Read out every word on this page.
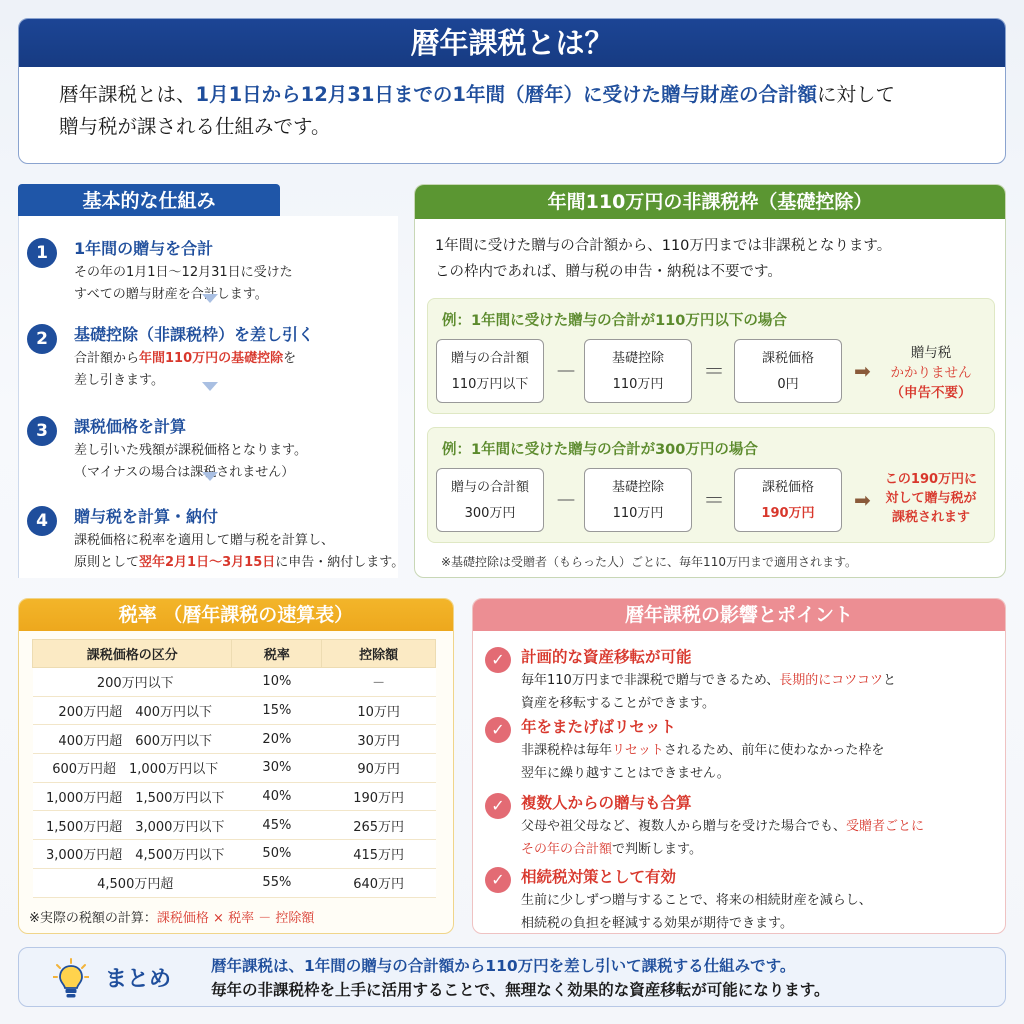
暦年課税とは？
暦年課税とは、1月1日から12月31日までの1年間（暦年）に受けた贈与財産の合計額に対して
贈与税が課される仕組みです。
基本的な仕組み
1	1年間の贈与を合計
その年の1月1日〜12月31日に受けた
すべての贈与財産を合計します。
2	基礎控除（非課税枠）を差し引く
合計額から年間110万円の基礎控除を
差し引きます。
3	課税価格を計算
差し引いた残額が課税価格となります。
（マイナスの場合は課税されません）
4	贈与税を計算・納付
課税価格に税率を適用して贈与税を計算し、
原則として翌年2月1日〜3月15日に申告・納付します。
年間110万円の非課税枠（基礎控除）
1年間に受けた贈与の合計額から、110万円までは非課税となります。
この枠内であれば、贈与税の申告・納税は不要です。
例：1年間に受けた贈与の合計が110万円以下の場合
贈与の合計額
110万円以下	－
基礎控除
110万円	＝
課税価格
0円
➡
贈与税
かかりません
（申告不要）
例：1年間に受けた贈与の合計が300万円の場合
贈与の合計額
300万円	－
基礎控除
110万円	＝
課税価格
190万円
➡
この190万円に
対して贈与税が
課税されます
※基礎控除は受贈者（もらった人）ごとに、毎年110万円まで適用されます。
税率 （暦年課税の速算表）
課税価格の区分	税率	控除額
200万円以下	10%	－
200万円超　400万円以下	15%	10万円
400万円超　600万円以下	20%	30万円
600万円超　1,000万円以下	30%	90万円
1,000万円超　1,500万円以下	40%	190万円
1,500万円超　3,000万円以下	45%	265万円
3,000万円超　4,500万円以下	50%	415万円
4,500万円超	55%	640万円
※実際の税額の計算：課税価格 × 税率 － 控除額
暦年課税の影響とポイント
✓	計画的な資産移転が可能
毎年110万円まで非課税で贈与できるため、長期的にコツコツと
資産を移転することができます。
✓	年をまたげばリセット
非課税枠は毎年リセットされるため、前年に使わなかった枠を
翌年に繰り越すことはできません。
✓	複数人からの贈与も合算
父母や祖父母など、複数人から贈与を受けた場合でも、受贈者ごとに
その年の合計額で判断します。
✓	相続税対策として有効
生前に少しずつ贈与することで、将来の相続財産を減らし、
相続税の負担を軽減する効果が期待できます。
まとめ
暦年課税は、1年間の贈与の合計額から110万円を差し引いて課税する仕組みです。
毎年の非課税枠を上手に活用することで、無理なく効果的な資産移転が可能になります。
